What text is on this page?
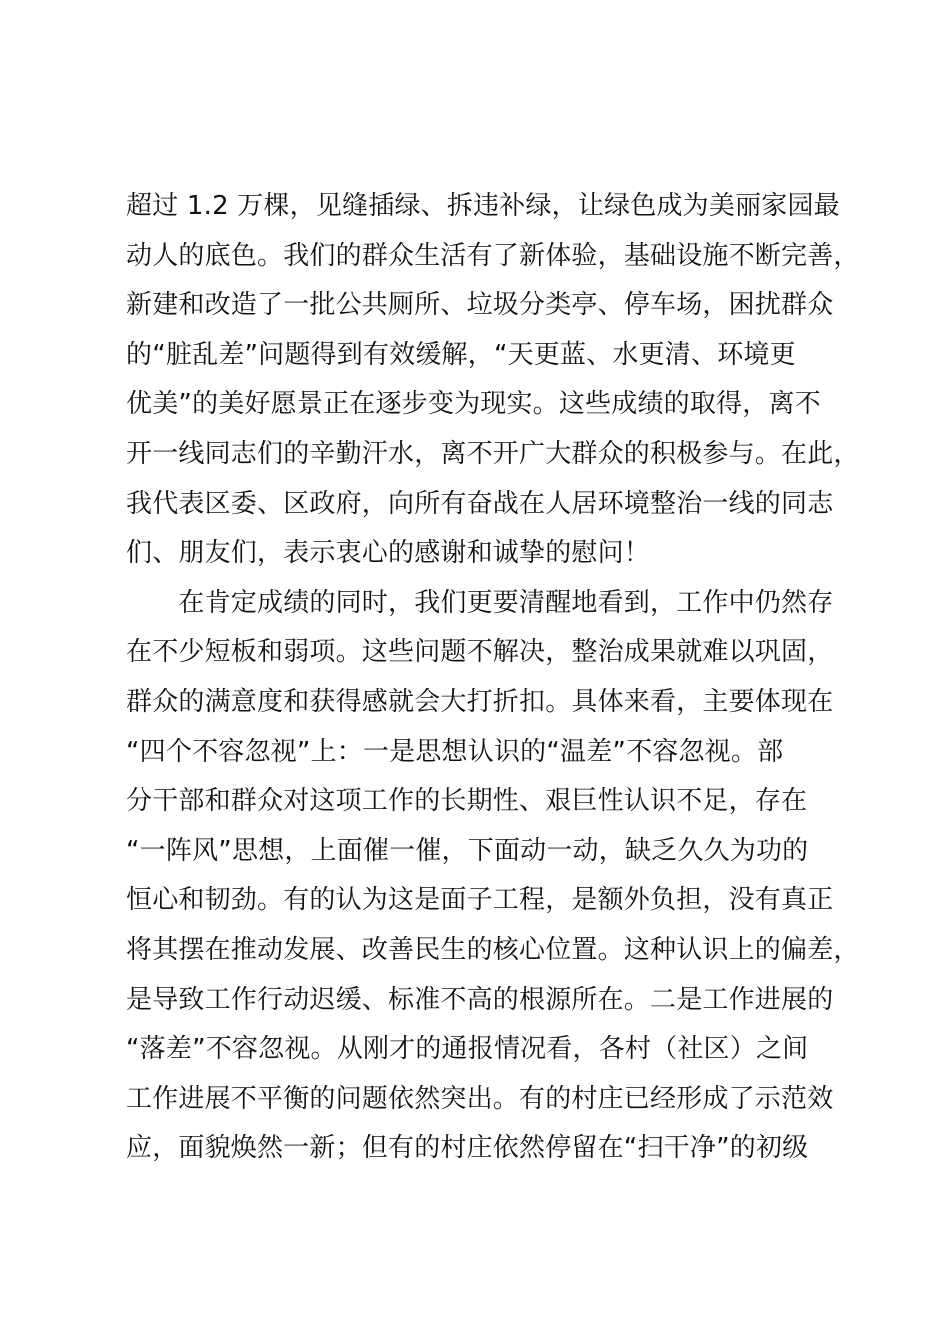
超过 1.2 万棵，见缝插绿、拆违补绿，让绿色成为美丽家园最
动人的底色。我们的群众生活有了新体验，基础设施不断完善，
新建和改造了一批公共厕所、垃圾分类亭、停车场，困扰群众
的“脏乱差”问题得到有效缓解，“天更蓝、水更清、环境更
优美”的美好愿景正在逐步变为现实。这些成绩的取得，离不
开一线同志们的辛勤汗水，离不开广大群众的积极参与。在此，
我代表区委、区政府，向所有奋战在人居环境整治一线的同志
们、朋友们，表示衷心的感谢和诚挚的慰问！
　　在肯定成绩的同时，我们更要清醒地看到，工作中仍然存
在不少短板和弱项。这些问题不解决，整治成果就难以巩固，
群众的满意度和获得感就会大打折扣。具体来看，主要体现在
“四个不容忽视”上：一是思想认识的“温差”不容忽视。部
分干部和群众对这项工作的长期性、艰巨性认识不足，存在
“一阵风”思想，上面催一催，下面动一动，缺乏久久为功的
恒心和韧劲。有的认为这是面子工程，是额外负担，没有真正
将其摆在推动发展、改善民生的核心位置。这种认识上的偏差，
是导致工作行动迟缓、标准不高的根源所在。二是工作进展的
“落差”不容忽视。从刚才的通报情况看，各村（社区）之间
工作进展不平衡的问题依然突出。有的村庄已经形成了示范效
应，面貌焕然一新；但有的村庄依然停留在“扫干净”的初级
